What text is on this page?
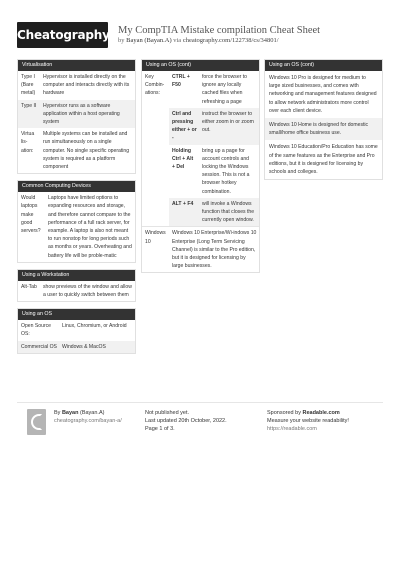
Cheatography My CompTIA Mistake compilation Cheat Sheet
by Bayan (Bayan.A) via cheatography.com/122738/cs/34801/
Virtualisation
Type I (Bare metal)	Hypervisor is installed directly on the computer and interacts directly with its hardware
Type II	Hypervisor runs as a software application within a host operating system
Virtua lis-ation:	Multiple systems can be installed and run simultaneously on a single computer. No single specific operating system is required as a platform component
Common Computing Devices
Would laptops make good servers?	Laptops have limited options to expanding resources and storage, and therefore cannot compare to the performance of a full rack server, for example. A laptop is also not meant to run nonstop for long periods such as months or years. Overheating and battery life will be proble-matic
Using a Workstation
Alt-Tab	show previews of the window and allow a user to quickly switch between them
Using an OS
Open Source OS:	Linux, Chromium, or Android
Commercial OS	Windows & MacOS
Using an OS (cont)
Key Combin-ations:	CTRL + F50	force the browser to ignore any locally cached files when refreshing a page
	Ctrl and pressing either + or -	instruct the browser to either zoom in or zoom out.
	Holding Ctrl + Alt + Del	bring up a page for account controls and locking the Windows session. This is not a browser hotkey combination.
	ALT + F4	will invoke a Windows function that closes the currently open window.
Windows 10	Windows 10 Enterprise/Wi-indows 10 Enterprise (Long Term Servicing Channel) is similar to the Pro edition, but it is designed for licensing by large businesses.
Using an OS (cont)
Windows 10 Pro is designed for medium to large sized businesses, and comes with networking and management features designed to allow network administrators more control over each client device.
Windows 10 Home is designed for domestic small/home office business use.
Windows 10 Education/Pro Education has some of the same features as the Enterprise and Pro editions, but it is designed for licensing by schools and colleges.
By Bayan (Bayan.A)
cheatography.com/bayan-a/
Not published yet.
Last updated 20th October, 2022.
Page 1 of 3.
Sponsored by Readable.com
Measure your website readability!
https://readable.com
